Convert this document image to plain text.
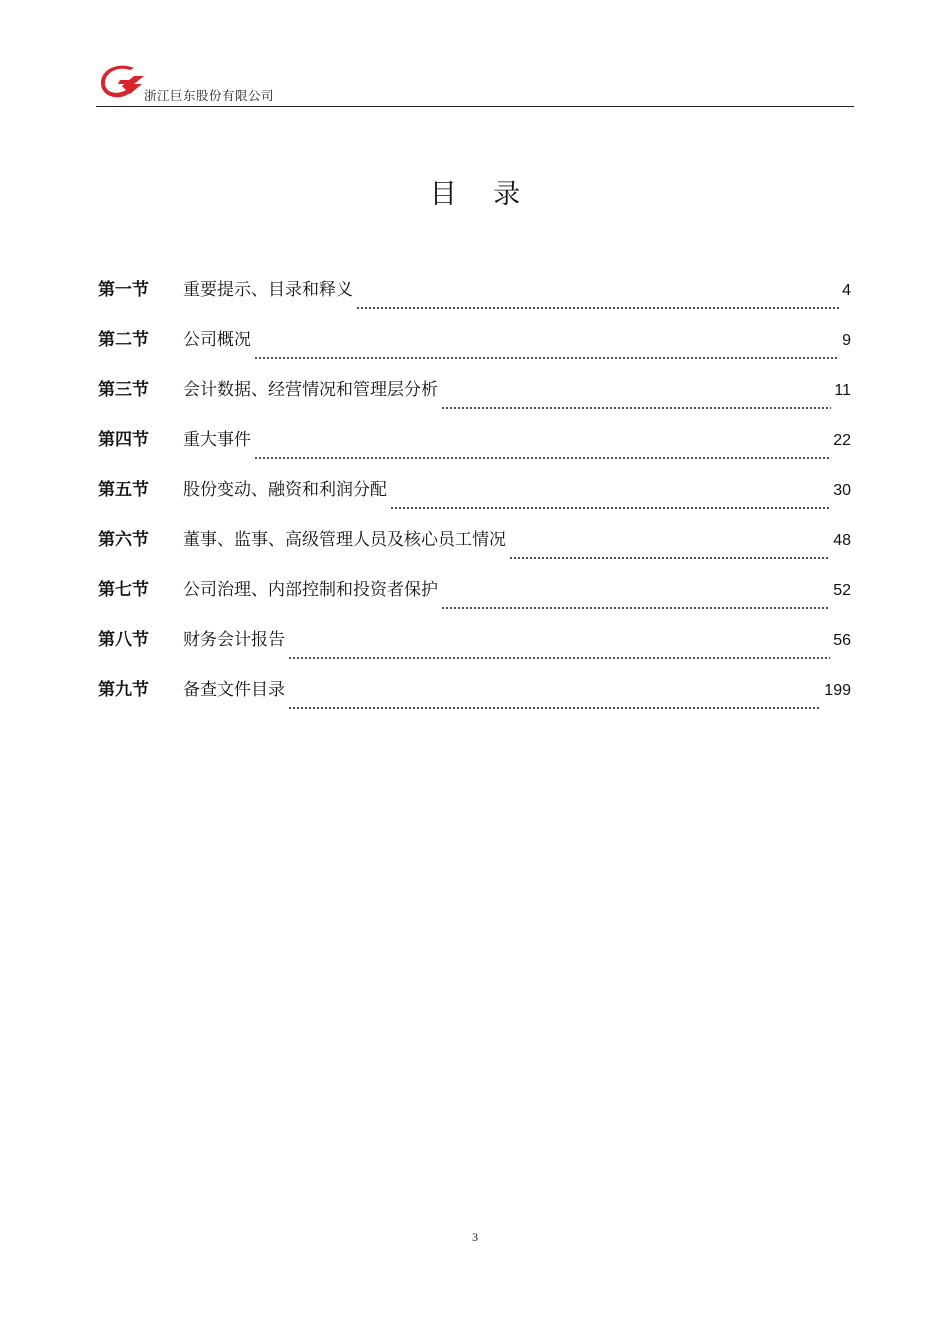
浙江巨东股份有限公司
目 录
第一节	重要提示、目录和释义	4
第二节	公司概况	9
第三节	会计数据、经营情况和管理层分析	11
第四节	重大事件	22
第五节	股份变动、融资和利润分配	30
第六节	董事、监事、高级管理人员及核心员工情况	48
第七节	公司治理、内部控制和投资者保护	52
第八节	财务会计报告	56
第九节	备查文件目录	199
3
